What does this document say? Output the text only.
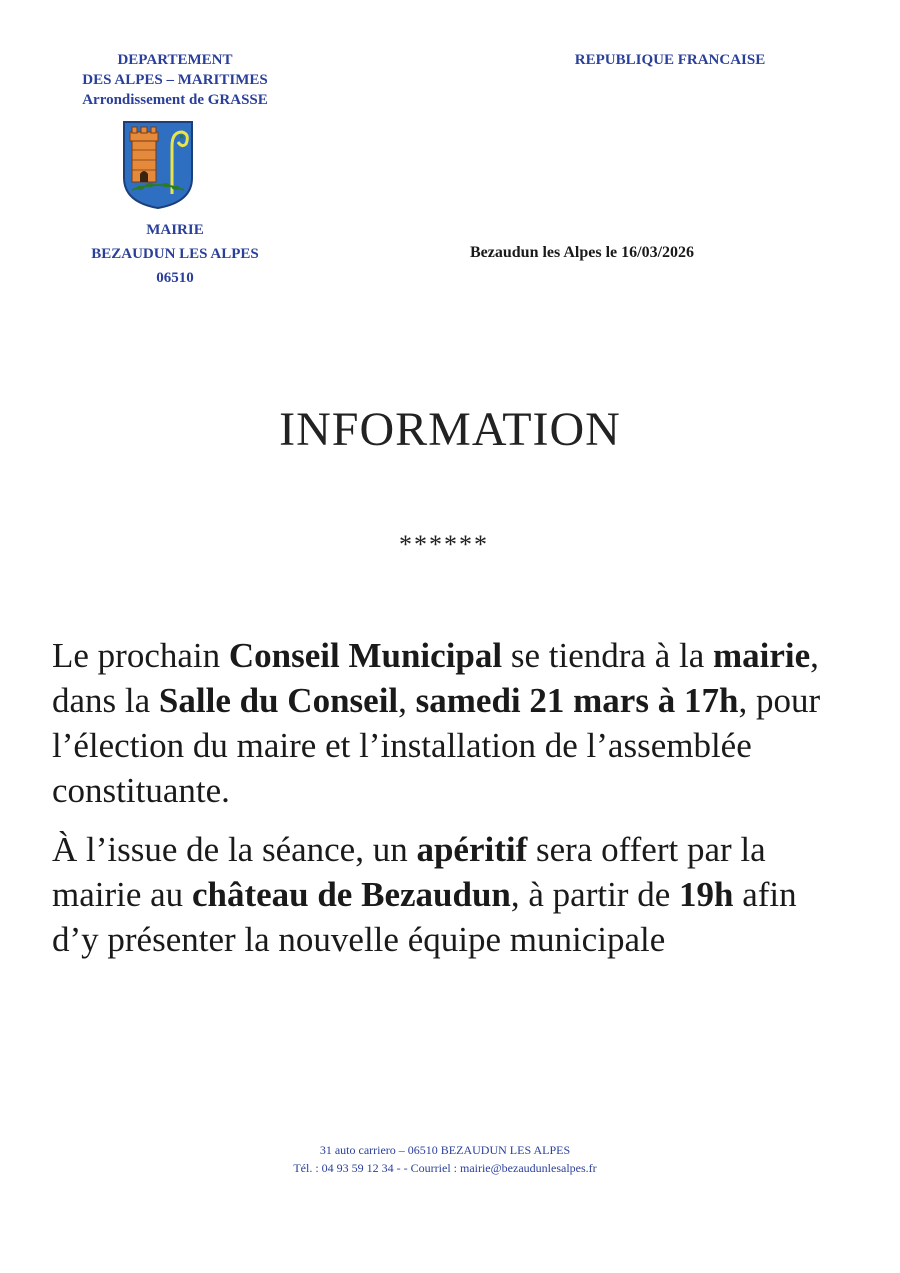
DEPARTEMENT
DES ALPES – MARITIMES
Arrondissement de GRASSE
REPUBLIQUE FRANCAISE
MAIRIE
BEZAUDUN LES ALPES
06510
Bezaudun les Alpes le 16/03/2026
INFORMATION
******

Le prochain Conseil Municipal se tiendra à la mairie, dans la Salle du Conseil, samedi 21 mars à 17h, pour l’élection du maire et l’installation de l’assemblée constituante.

À l’issue de la séance, un apéritif sera offert par la mairie au château de Bezaudun, à partir de 19h afin d’y présenter la nouvelle équipe municipale

31 auto carriero – 06510 BEZAUDUN LES ALPES
Tél. : 04 93 59 12 34 - - Courriel : mairie@bezaudunlesalpes.fr
